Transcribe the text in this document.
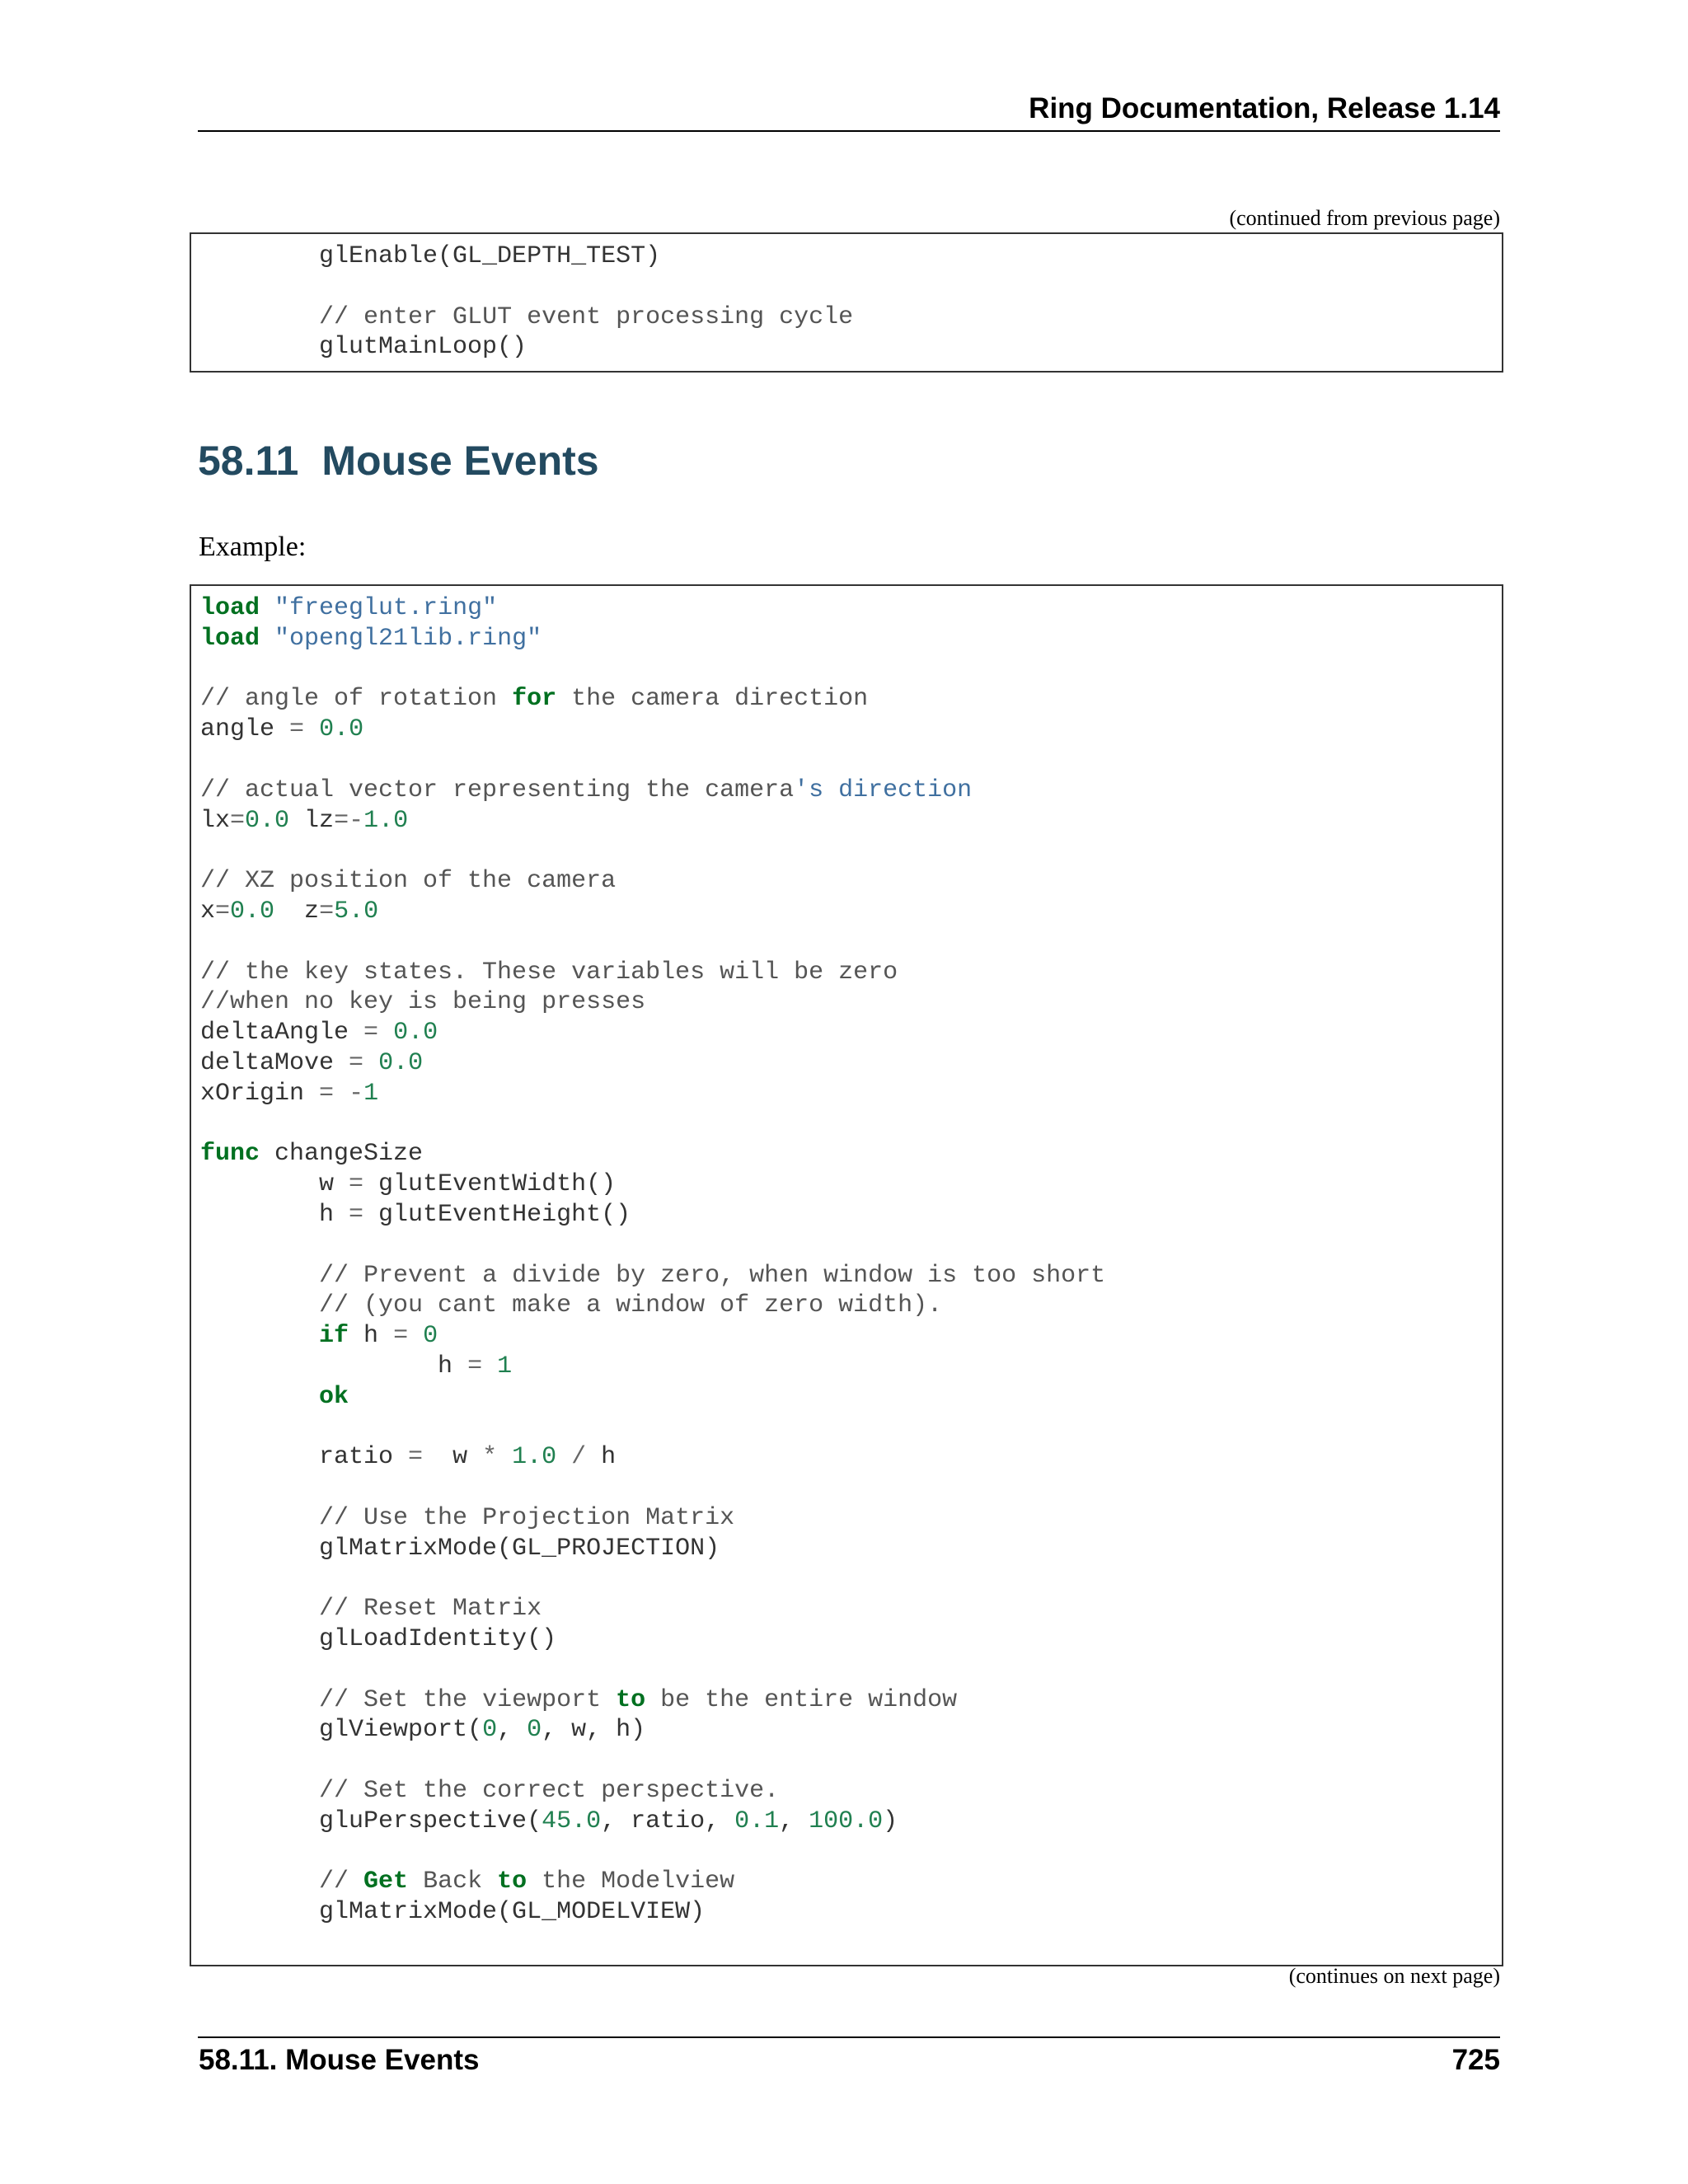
Ring Documentation, Release 1.14
(continued from previous page)
glEnable(GL_DEPTH_TEST)

// enter GLUT event processing cycle
glutMainLoop()
58.11 Mouse Events
Example:
load "freeglut.ring"
load "opengl21lib.ring"

// angle of rotation for the camera direction
angle = 0.0

// actual vector representing the camera's direction
lx=0.0 lz=-1.0

// XZ position of the camera
x=0.0  z=5.0

// the key states. These variables will be zero
//when no key is being presses
deltaAngle = 0.0
deltaMove = 0.0
xOrigin = -1

func changeSize
w = glutEventWidth()
h = glutEventHeight()

// Prevent a divide by zero, when window is too short
// (you cant make a window of zero width).
if h = 0
h = 1
ok

ratio =  w * 1.0 / h

// Use the Projection Matrix
glMatrixMode(GL_PROJECTION)

// Reset Matrix
glLoadIdentity()

// Set the viewport to be the entire window
glViewport(0, 0, w, h)

// Set the correct perspective.
gluPerspective(45.0, ratio, 0.1, 100.0)

// Get Back to the Modelview
glMatrixMode(GL_MODELVIEW)

(continues on next page)
58.11. Mouse Events	725
